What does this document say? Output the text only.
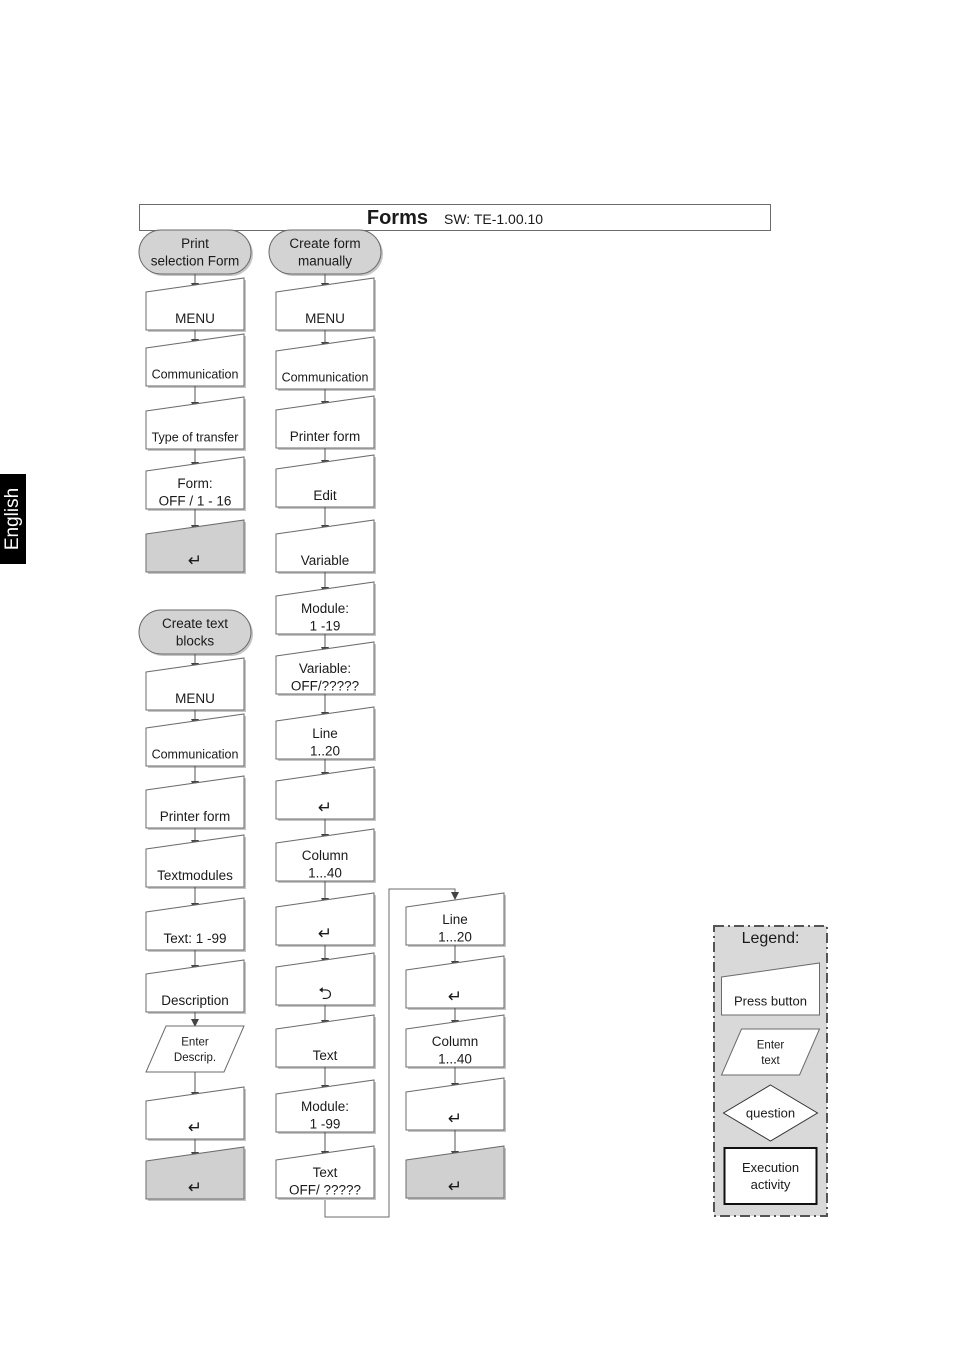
English
Forms SW: TE-1.00.10
Print
selection Form
MENU
Communication
Type of transfer
Form:
OFF / 1 - 16
↵
Create text
blocks
MENU
Communication
Printer form
Textmodules
Text: 1 -99
Description
Enter
Descrip.
↵
↵
Create form
manually
MENU
Communication
Printer form
Edit
Variable
Module:
1 -19
Variable:
OFF/?????
Line
1..20
↵
Column
1...40
↵
⮌
Text
Module:
1 -99
Text
OFF/ ?????
Line
1...20
↵
Column
1...40
↵
↵
Legend:
Press button
Enter
text
question
Execution
activity
